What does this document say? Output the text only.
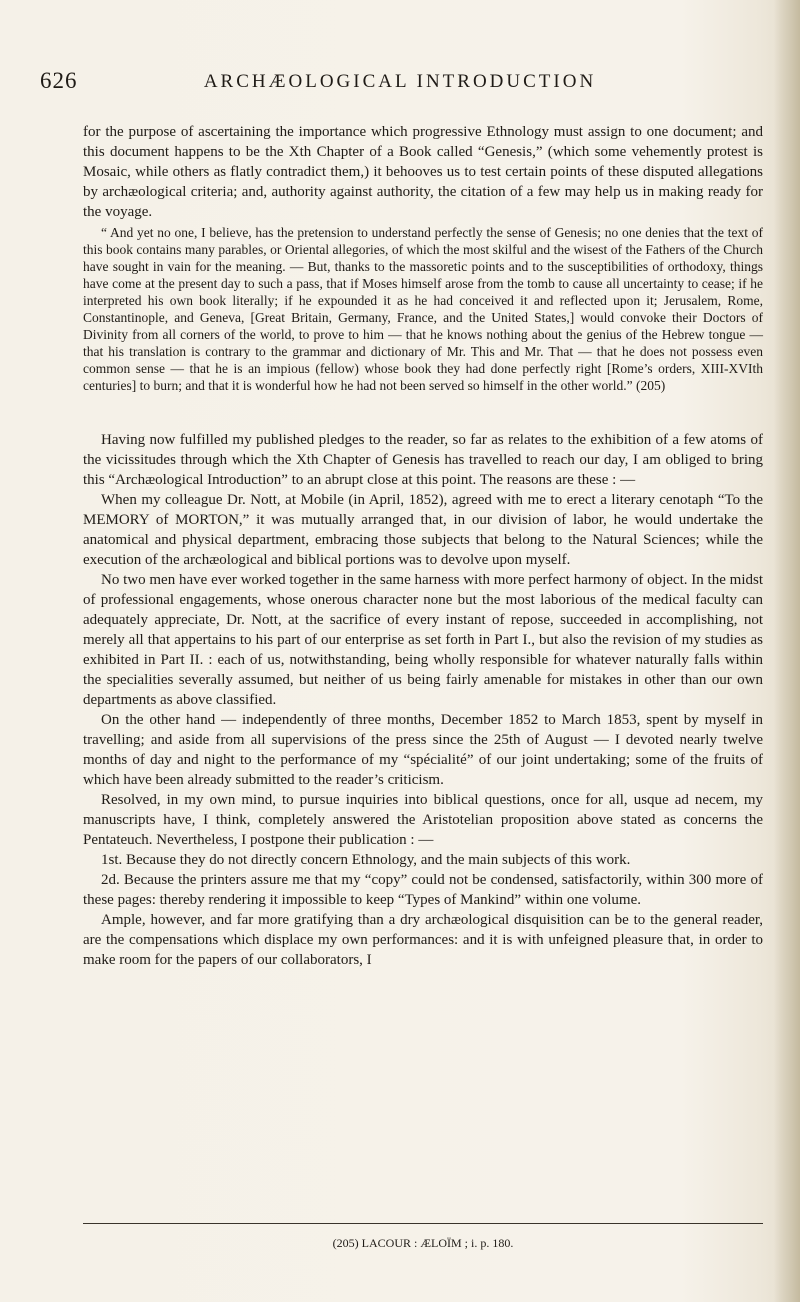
626	ARCHÆOLOGICAL INTRODUCTION

for the purpose of ascertaining the importance which progressive Ethnology must assign to one document; and this document happens to be the Xth Chapter of a Book called “Genesis,” (which some vehemently protest is Mosaic, while others as flatly contradict them,) it behooves us to test certain points of these disputed allegations by archæological criteria; and, authority against authority, the citation of a few may help us in making ready for the voyage.

“ And yet no one, I believe, has the pretension to understand perfectly the sense of Genesis; no one denies that the text of this book contains many parables, or Oriental allegories, of which the most skilful and the wisest of the Fathers of the Church have sought in vain for the meaning. — But, thanks to the massoretic points and to the susceptibilities of orthodoxy, things have come at the present day to such a pass, that if Moses himself arose from the tomb to cause all uncertainty to cease; if he interpreted his own book literally; if he expounded it as he had conceived it and reflected upon it; Jerusalem, Rome, Constantinople, and Geneva, [Great Britain, Germany, France, and the United States,] would convoke their Doctors of Divinity from all corners of the world, to prove to him — that he knows nothing about the genius of the Hebrew tongue — that his translation is contrary to the grammar and dictionary of Mr. This and Mr. That — that he does not possess even common sense — that he is an impious (fellow) whose book they had done perfectly right [Rome’s orders, XIII-XVIth centuries] to burn; and that it is wonderful how he had not been served so himself in the other world.” (205)

Having now fulfilled my published pledges to the reader, so far as relates to the exhibition of a few atoms of the vicissitudes through which the Xth Chapter of Genesis has travelled to reach our day, I am obliged to bring this “Archæological Introduction” to an abrupt close at this point. The reasons are these : —

When my colleague Dr. Nott, at Mobile (in April, 1852), agreed with me to erect a literary cenotaph “To the MEMORY of MORTON,” it was mutually arranged that, in our division of labor, he would undertake the anatomical and physical department, embracing those subjects that belong to the Natural Sciences; while the execution of the archæological and biblical portions was to devolve upon myself.

No two men have ever worked together in the same harness with more perfect harmony of object. In the midst of professional engagements, whose onerous character none but the most laborious of the medical faculty can adequately appreciate, Dr. Nott, at the sacrifice of every instant of repose, succeeded in accomplishing, not merely all that appertains to his part of our enterprise as set forth in Part I., but also the revision of my studies as exhibited in Part II. : each of us, notwithstanding, being wholly responsible for whatever naturally falls within the specialities severally assumed, but neither of us being fairly amenable for mistakes in other than our own departments as above classified.

On the other hand — independently of three months, December 1852 to March 1853, spent by myself in travelling; and aside from all supervisions of the press since the 25th of August — I devoted nearly twelve months of day and night to the performance of my “spécialité” of our joint undertaking; some of the fruits of which have been already submitted to the reader’s criticism.

Resolved, in my own mind, to pursue inquiries into biblical questions, once for all, usque ad necem, my manuscripts have, I think, completely answered the Aristotelian proposition above stated as concerns the Pentateuch. Nevertheless, I postpone their publication : —

1st. Because they do not directly concern Ethnology, and the main subjects of this work.

2d. Because the printers assure me that my “copy” could not be condensed, satisfactorily, within 300 more of these pages: thereby rendering it impossible to keep “Types of Mankind” within one volume.

Ample, however, and far more gratifying than a dry archæological disquisition can be to the general reader, are the compensations which displace my own performances: and it is with unfeigned pleasure that, in order to make room for the papers of our collaborators, I

(205) LACOUR : ÆLOÏM ; i. p. 180.
